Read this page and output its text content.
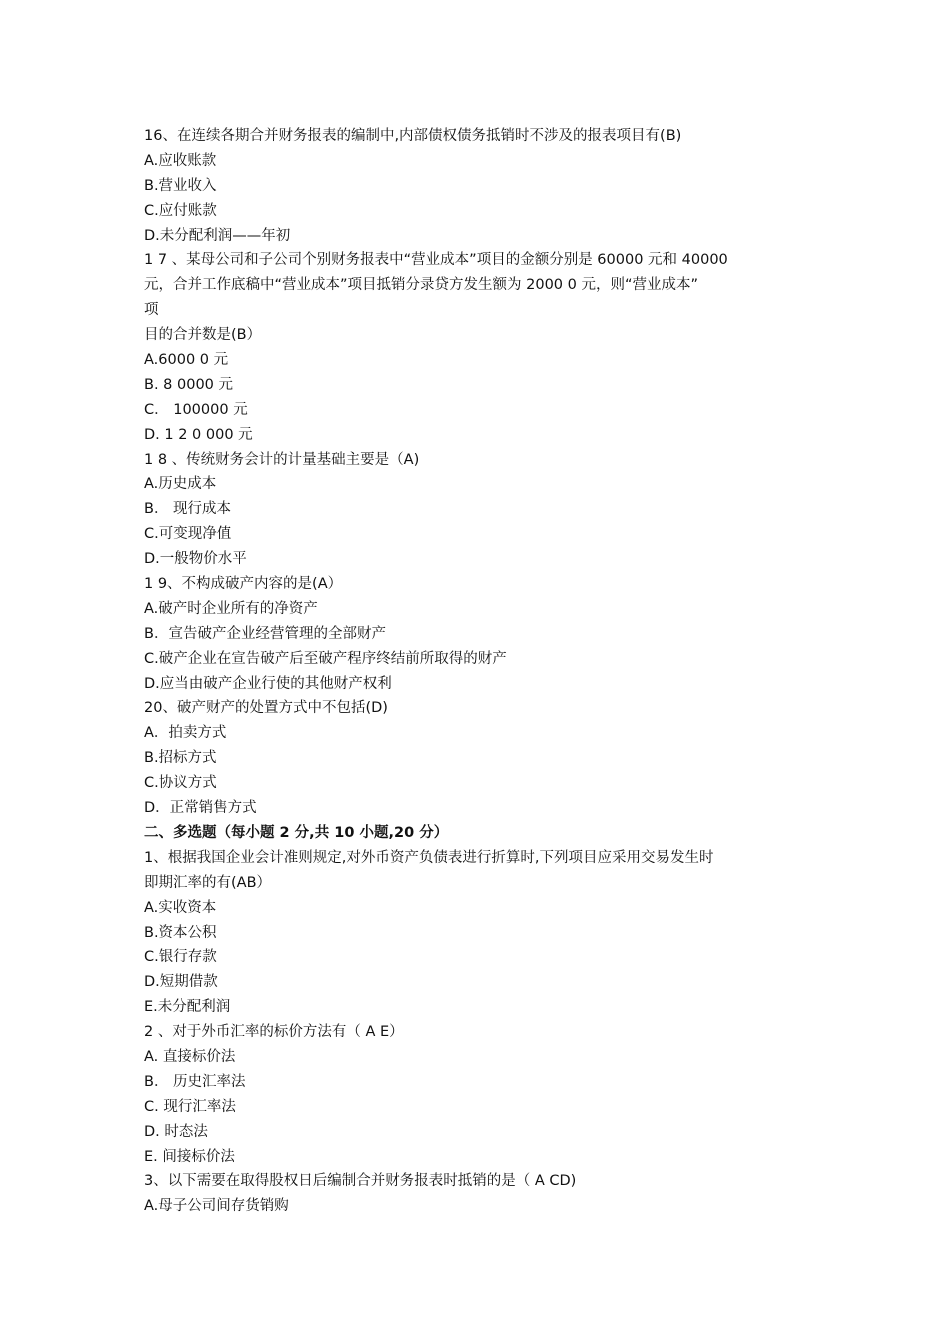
16、在连续各期合并财务报表的编制中,内部债权债务抵销时不涉及的报表项目有(B)
A.应收账款
B.营业收入
C.应付账款
D.未分配利润——年初
1 7 、某母公司和子公司个别财务报表中“营业成本”项目的金额分别是 60000 元和 40000
元，合并工作底稿中“营业成本”项目抵销分录贷方发生额为 2000 0 元，则“营业成本”
项
目的合并数是(B）
A.6000 0 元
B. 8 0000 元
C． 100000 元
D. 1 2 0 000 元
1 8 、传统财务会计的计量基础主要是（A)
A.历史成本
B． 现行成本
C.可变现净值
D.一般物价水平
1 9、不构成破产内容的是(A）
A.破产时企业所有的净资产
B．宣告破产企业经营管理的全部财产
C.破产企业在宣告破产后至破产程序终结前所取得的财产
D.应当由破产企业行使的其他财产权利
20、破产财产的处置方式中不包括(D)
A．拍卖方式
B.招标方式
C.协议方式
D．正常销售方式
二、多选题（每小题 2 分,共 10 小题,20 分）
1、根据我国企业会计准则规定,对外币资产负债表进行折算时,下列项目应采用交易发生时
即期汇率的有(AB）
A.实收资本
B.资本公积
C.银行存款
D.短期借款
E.未分配利润
2 、对于外币汇率的标价方法有（ A E）
A. 直接标价法
B． 历史汇率法
C. 现行汇率法
D. 时态法
E. 间接标价法
3、以下需要在取得股权日后编制合并财务报表时抵销的是（ A CD)
A.母子公司间存货销购
